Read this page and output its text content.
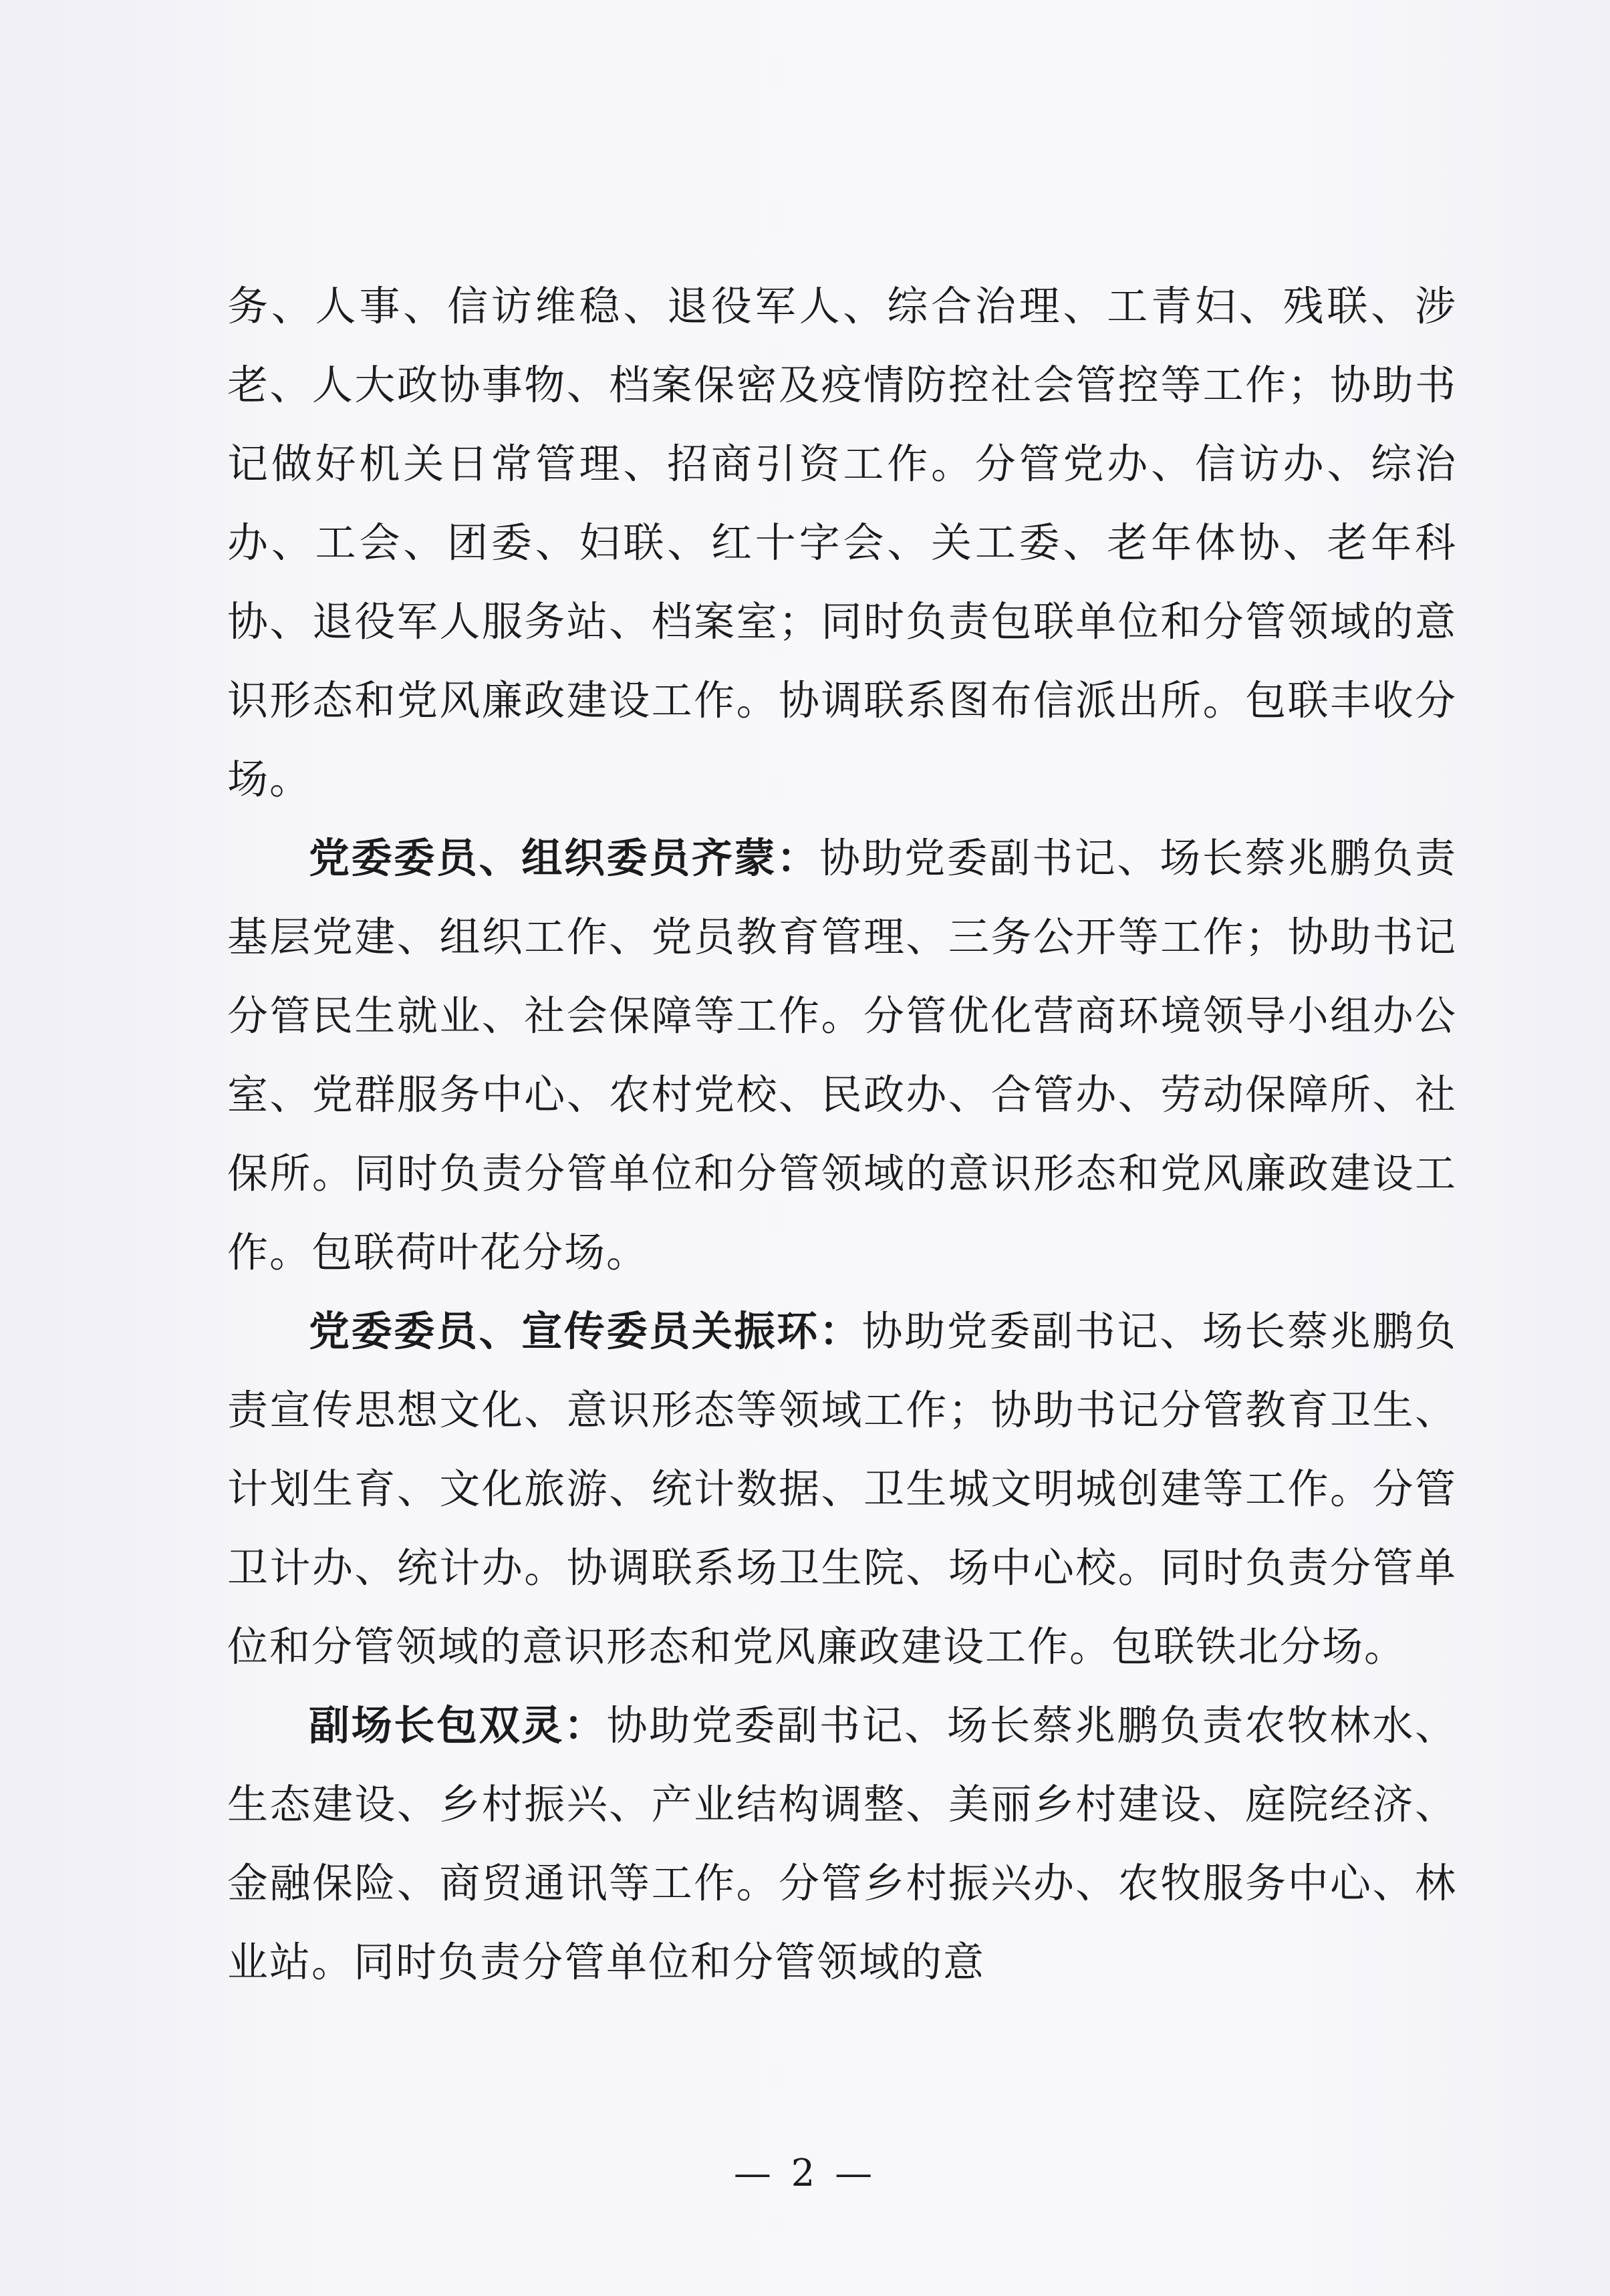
务、人事、信访维稳、退役军人、综合治理、工青妇、残联、涉老、人大政协事物、档案保密及疫情防控社会管控等工作；协助书记做好机关日常管理、招商引资工作。分管党办、信访办、综治办、工会、团委、妇联、红十字会、关工委、老年体协、老年科协、退役军人服务站、档案室；同时负责包联单位和分管领域的意识形态和党风廉政建设工作。协调联系图布信派出所。包联丰收分场。

党委委员、组织委员齐蒙：协助党委副书记、场长蔡兆鹏负责基层党建、组织工作、党员教育管理、三务公开等工作；协助书记分管民生就业、社会保障等工作。分管优化营商环境领导小组办公室、党群服务中心、农村党校、民政办、合管办、劳动保障所、社保所。同时负责分管单位和分管领域的意识形态和党风廉政建设工作。包联荷叶花分场。

党委委员、宣传委员关振环：协助党委副书记、场长蔡兆鹏负责宣传思想文化、意识形态等领域工作；协助书记分管教育卫生、计划生育、文化旅游、统计数据、卫生城文明城创建等工作。分管卫计办、统计办。协调联系场卫生院、场中心校。同时负责分管单位和分管领域的意识形态和党风廉政建设工作。包联铁北分场。

副场长包双灵：协助党委副书记、场长蔡兆鹏负责农牧林水、生态建设、乡村振兴、产业结构调整、美丽乡村建设、庭院经济、金融保险、商贸通讯等工作。分管乡村振兴办、农牧服务中心、林业站。同时负责分管单位和分管领域的意

— 2 —
